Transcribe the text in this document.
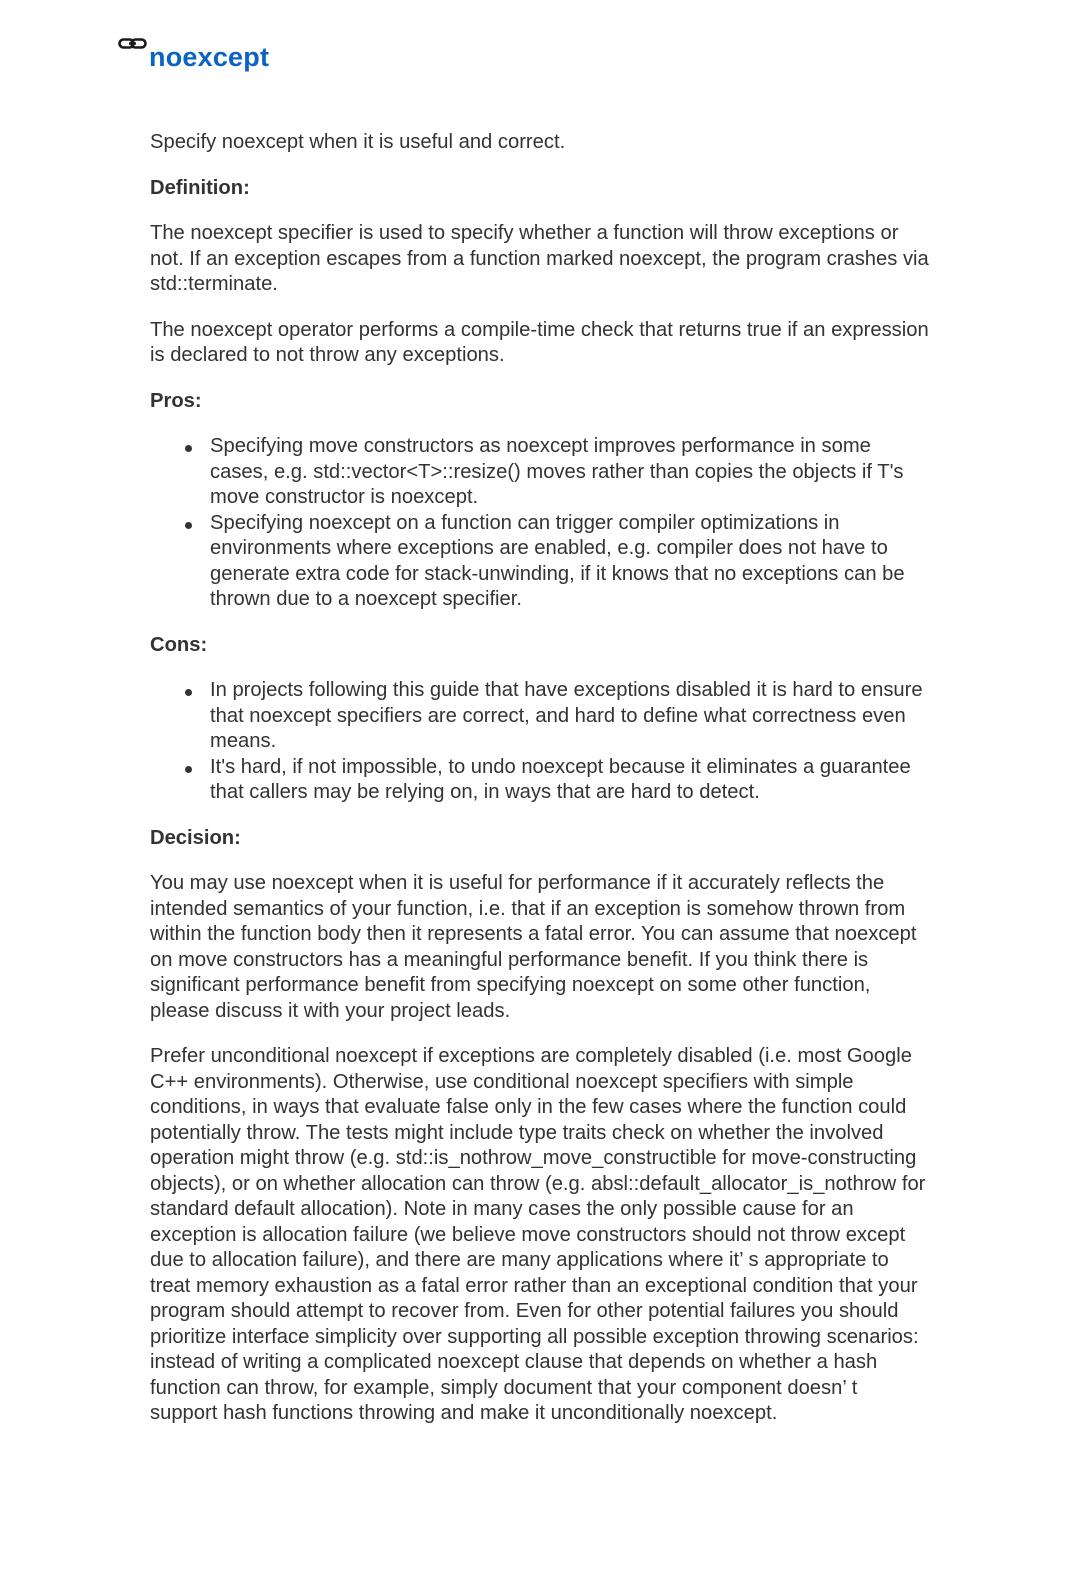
noexcept

Specify noexcept when it is useful and correct.

Definition:

The noexcept specifier is used to specify whether a function will throw exceptions or not. If an exception escapes from a function marked noexcept, the program crashes via std::terminate.

The noexcept operator performs a compile-time check that returns true if an expression is declared to not throw any exceptions.

Pros:

Specifying move constructors as noexcept improves performance in some cases, e.g. std::vector<T>::resize() moves rather than copies the objects if T's move constructor is noexcept.
Specifying noexcept on a function can trigger compiler optimizations in environments where exceptions are enabled, e.g. compiler does not have to generate extra code for stack-unwinding, if it knows that no exceptions can be thrown due to a noexcept specifier.

Cons:

In projects following this guide that have exceptions disabled it is hard to ensure that noexcept specifiers are correct, and hard to define what correctness even means.
It's hard, if not impossible, to undo noexcept because it eliminates a guarantee that callers may be relying on, in ways that are hard to detect.

Decision:

You may use noexcept when it is useful for performance if it accurately reflects the intended semantics of your function, i.e. that if an exception is somehow thrown from within the function body then it represents a fatal error. You can assume that noexcept on move constructors has a meaningful performance benefit. If you think there is significant performance benefit from specifying noexcept on some other function, please discuss it with your project leads.

Prefer unconditional noexcept if exceptions are completely disabled (i.e. most Google C++ environments). Otherwise, use conditional noexcept specifiers with simple conditions, in ways that evaluate false only in the few cases where the function could potentially throw. The tests might include type traits check on whether the involved operation might throw (e.g. std::is_nothrow_move_constructible for move-constructing objects), or on whether allocation can throw (e.g. absl::default_allocator_is_nothrow for standard default allocation). Note in many cases the only possible cause for an exception is allocation failure (we believe move constructors should not throw except due to allocation failure), and there are many applications where it’ s appropriate to treat memory exhaustion as a fatal error rather than an exceptional condition that your program should attempt to recover from. Even for other potential failures you should prioritize interface simplicity over supporting all possible exception throwing scenarios: instead of writing a complicated noexcept clause that depends on whether a hash function can throw, for example, simply document that your component doesn’ t support hash functions throwing and make it unconditionally noexcept.
